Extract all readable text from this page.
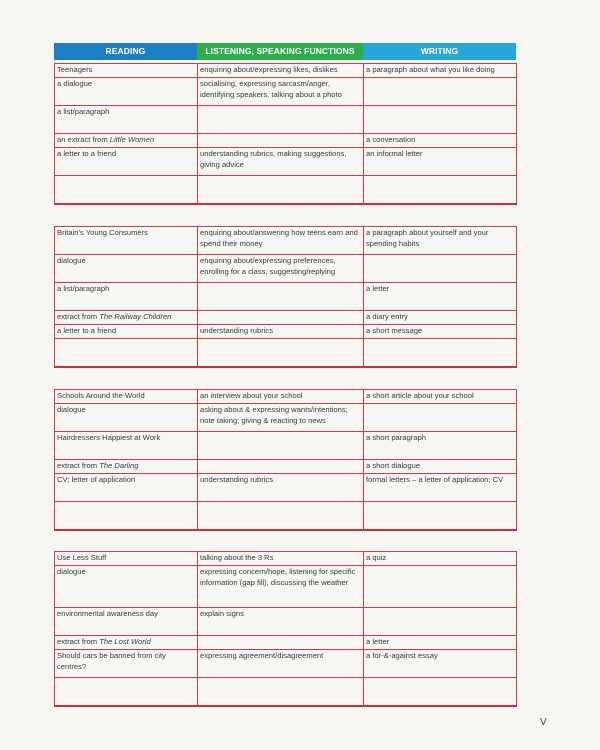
READING	LISTENING, SPEAKING FUNCTIONS	WRITING
Teenagers	enquiring about/expressing likes, dislikes	a paragraph about what you like doing
a dialogue	socialising, expressing sarcasm/anger, identifying speakers, talking about a photo	
a list/paragraph		
an extract from Little Women		a conversation
a letter to a friend	understanding rubrics, making suggestions, giving advice	an informal letter

Britain's Young Consumers	enquiring about/answering how teens earn and spend their money	a paragraph about yourself and your spending habits
dialogue	enquiring about/expressing preferences, enrolling for a class, suggesting/replying	
a list/paragraph		a letter
extract from The Railway Children		a diary entry
a letter to a friend	understanding rubrics	a short message

Schools Around the World	an interview about your school	a short article about your school
dialogue	asking about & expressing wants/intentions; note taking; giving & reacting to news	
Hairdressers Happiest at Work		a short paragraph
extract from The Darling		a short dialogue
CV; letter of application	understanding rubrics	formal letters – a letter of application; CV

Use Less Stuff	talking about the 3 Rs	a quiz
dialogue	expressing concern/hope, listening for specific information (gap fill), discussing the weather	
environmental awareness day	explain signs	
extract from The Lost World		a letter
Should cars be banned from city centres?	expressing agreement/disagreement	a for-&-against essay

V
